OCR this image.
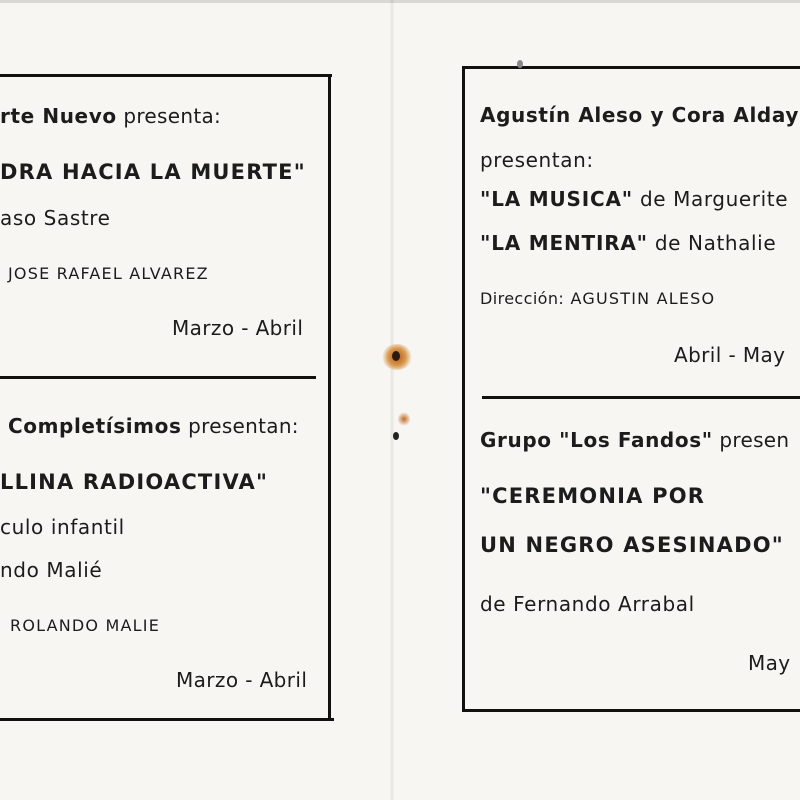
rte Nuevo presenta:
DRA HACIA LA MUERTE"
aso Sastre
JOSE RAFAEL ALVAREZ
Marzo - Abril
Completísimos presentan:
LLINA RADIOACTIVA"
culo infantil
ndo Malié
ROLANDO MALIE
Marzo - Abril
Agustín Aleso y Cora Alday
presentan:
"LA MUSICA" de Marguerite
"LA MENTIRA" de Nathalie
Dirección: AGUSTIN ALESO
Abril - May
Grupo "Los Fandos" presen
"CEREMONIA POR
UN NEGRO ASESINADO"
de Fernando Arrabal
May
